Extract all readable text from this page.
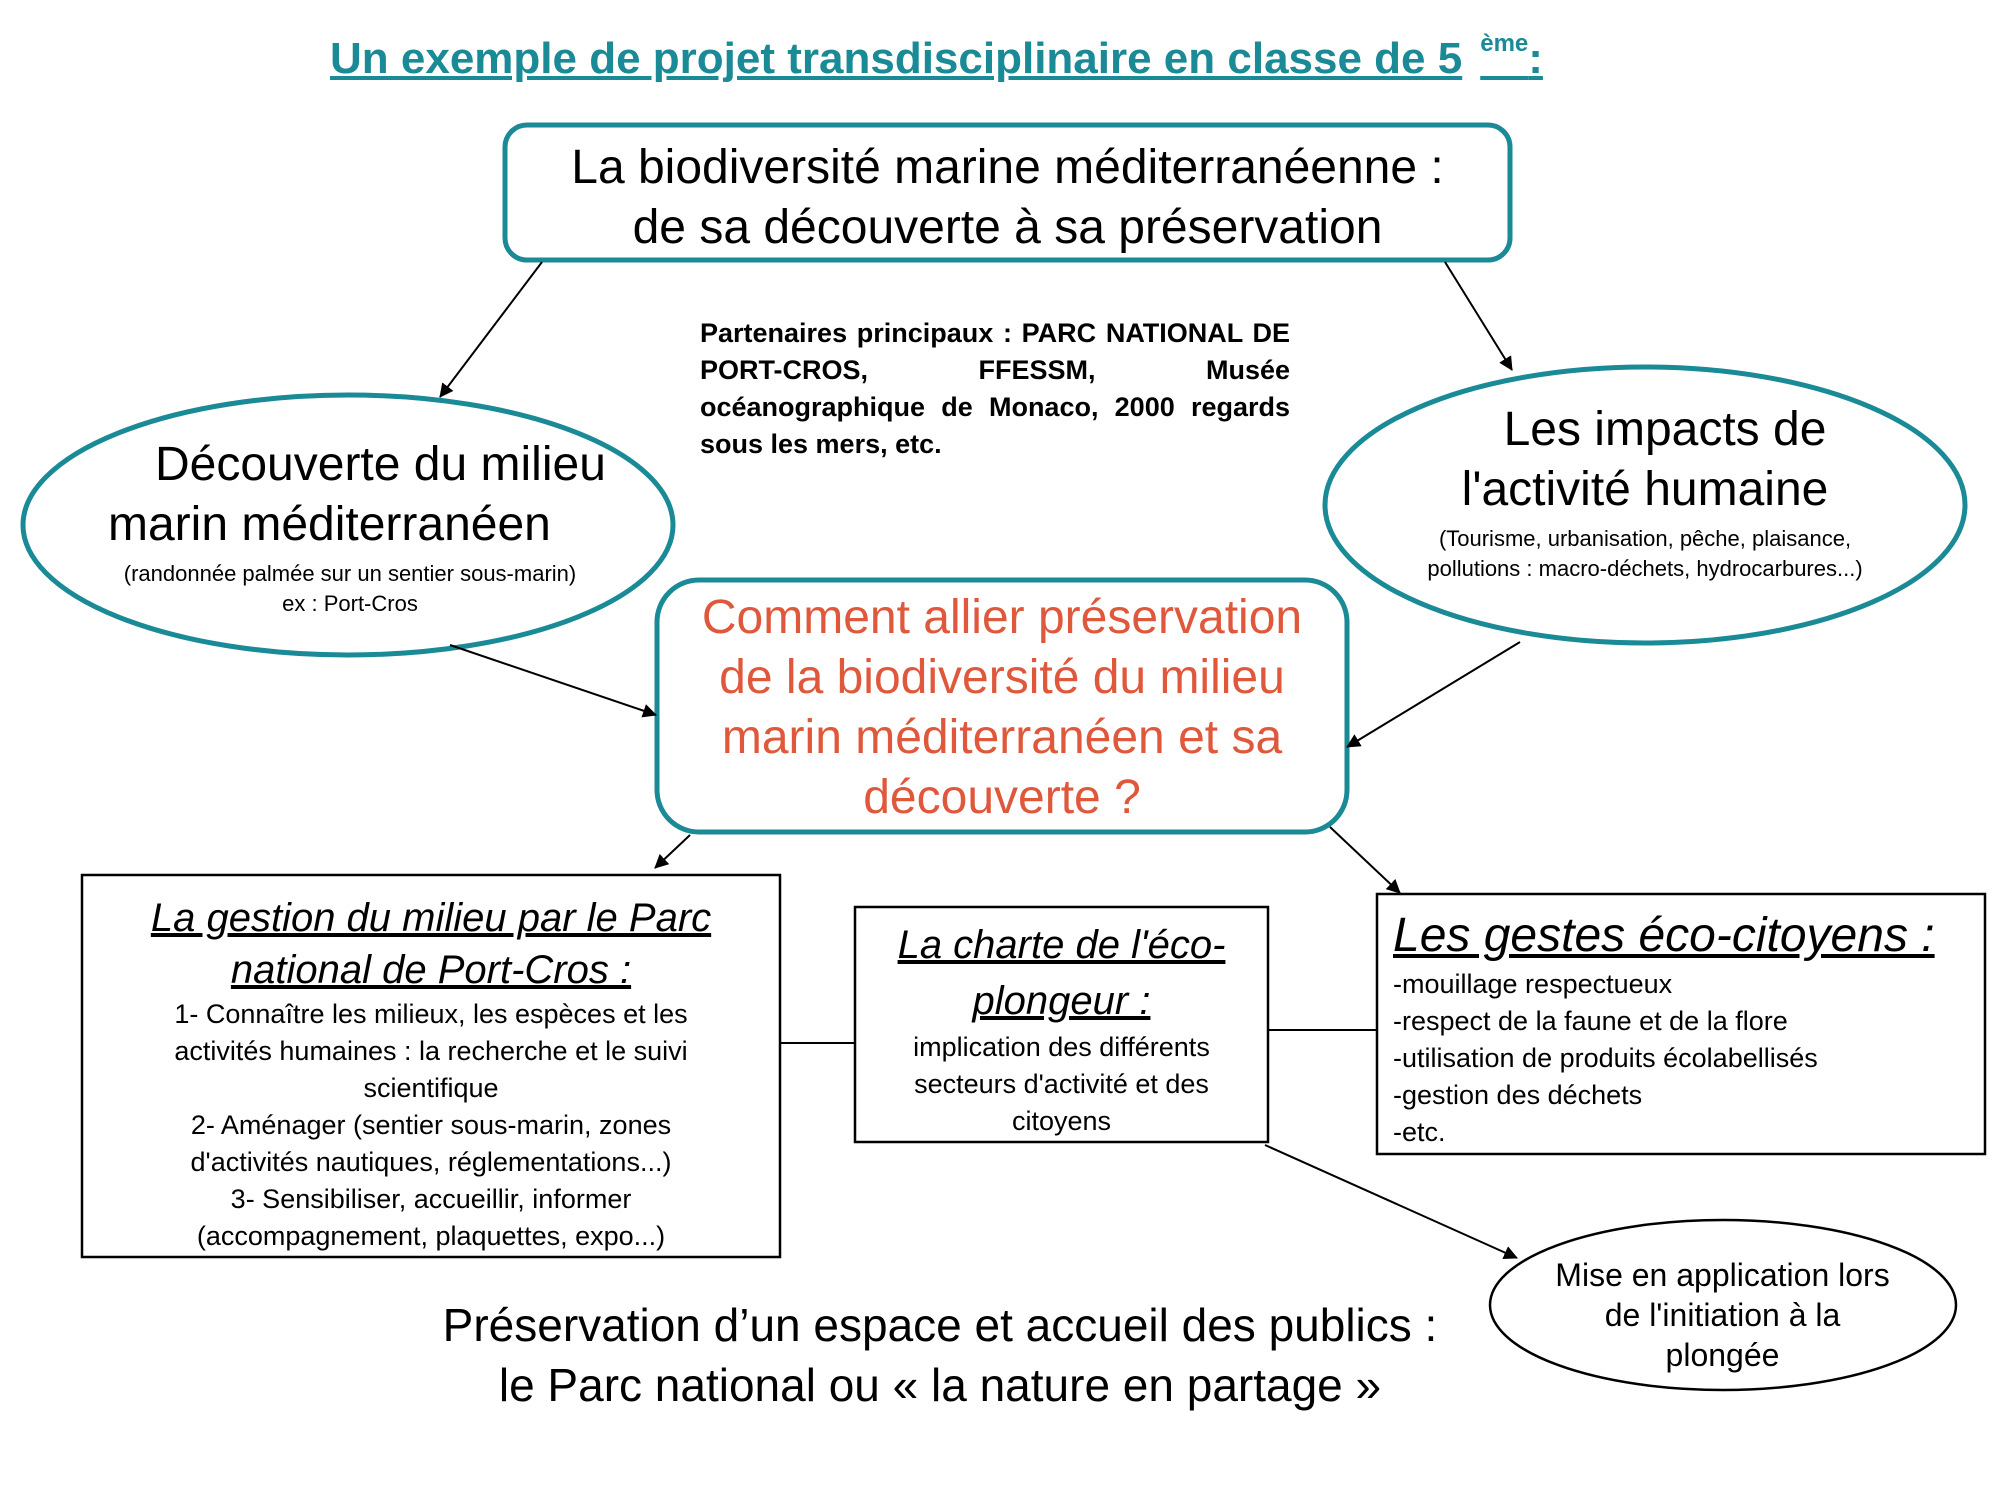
Un exemple de projet transdisciplinaire en classe de 5 $^{ème}$:
La biodiversité marine méditerranéenne :
de sa découverte à sa préservation
Partenaires principaux : PARC NATIONAL DE PORT-CROS, FFESSM, Musée océanographique de Monaco, 2000 regards sous les mers, etc.
Découverte du milieu
marin méditerranéen
(randonnée palmée sur un sentier sous-marin)
ex : Port-Cros
Les impacts de
l'activité humaine
(Tourisme, urbanisation, pêche, plaisance,
pollutions : macro-déchets, hydrocarbures...)
Comment allier préservation
de la biodiversité du milieu
marin méditerranéen et sa
découverte ?
La gestion du milieu par le Parc
national de Port-Cros :
1- Connaître les milieux, les espèces et les
activités humaines : la recherche et le suivi
scientifique
2- Aménager (sentier sous-marin, zones
d'activités nautiques, réglementations...)
3- Sensibiliser, accueillir, informer
(accompagnement, plaquettes, expo...)
La charte de l'éco-
plongeur :
implication des différents
secteurs d'activité et des
citoyens
Les gestes éco-citoyens :
-mouillage respectueux
-respect de la faune et de la flore
-utilisation de produits écolabellisés
-gestion des déchets
-etc.
Mise en application lors
de l'initiation à la
plongée
Préservation d’un espace et accueil des publics :
le Parc national ou « la nature en partage »
